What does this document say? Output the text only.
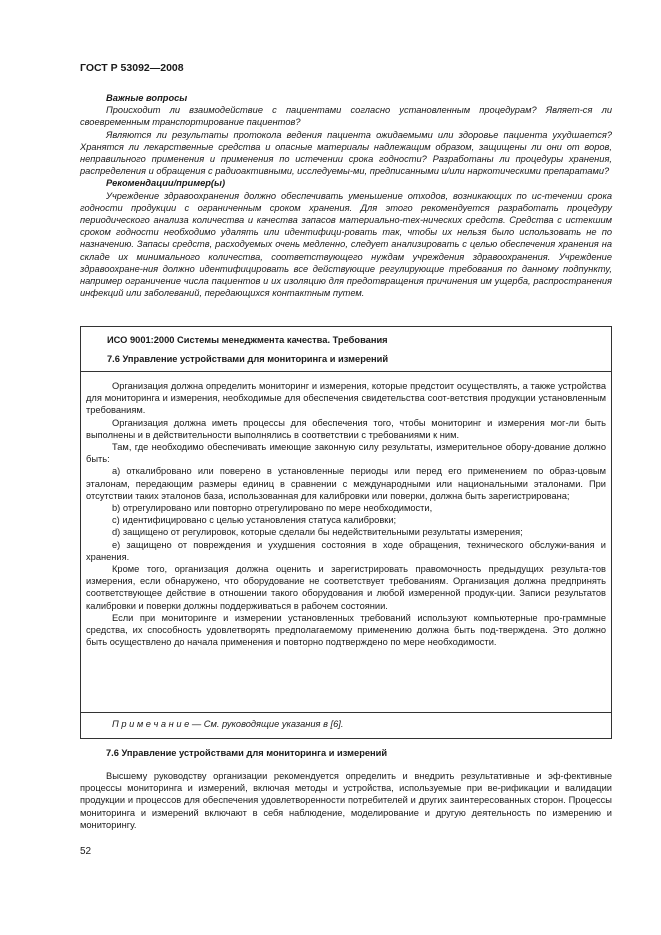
ГОСТ Р 53092—2008

Важные вопросы

Происходит ли взаимодействие с пациентами согласно установленным процедурам? Являет-ся ли своевременным транспортирование пациентов?

Являются ли результаты протокола ведения пациента ожидаемыми или здоровье пациента ухудшается? Хранятся ли лекарственные средства и опасные материалы надлежащим образом, защищены ли они от воров, неправильного применения и применения по истечении срока годности? Разработаны ли процедуры хранения, распределения и обращения с радиоактивными, исследуемы-ми, предписанными и/или наркотическими препаратами?

Рекомендации/пример(ы)

Учреждение здравоохранения должно обеспечивать уменьшение отходов, возникающих по ис-течении срока годности продукции с ограниченным сроком хранения. Для этого рекомендуется разработать процедуру периодического анализа количества и качества запасов материально-тех-нических средств. Средства с истекшим сроком годности необходимо удалять или идентифици-ровать так, чтобы их нельзя было использовать не по назначению. Запасы средств, расходуемых очень медленно, следует анализировать с целью обеспечения хранения на складе их минимального количества, соответствующего нуждам учреждения здравоохранения. Учреждение здравоохране-ния должно идентифицировать все действующие регулирующие требования по данному подпункту, например ограничение числа пациентов и их изоляцию для предотвращения причинения им ущерба, распространения инфекций или заболеваний, передающихся контактным путем.

ИСО 9001:2000 Системы менеджмента качества. Требования
7.6 Управление устройствами для мониторинга и измерений

Организация должна определить мониторинг и измерения, которые предстоит осуществлять, а также устройства для мониторинга и измерения, необходимые для обеспечения свидетельства соот-ветствия продукции установленным требованиям.

Организация должна иметь процессы для обеспечения того, чтобы мониторинг и измерения мог-ли быть выполнены и в действительности выполнялись в соответствии с требованиями к ним.

Там, где необходимо обеспечивать имеющие законную силу результаты, измерительное обору-дование должно быть:

a) откалибровано или поверено в установленные периоды или перед его применением по образ-цовым эталонам, передающим размеры единиц в сравнении с международными или национальными эталонами. При отсутствии таких эталонов база, использованная для калибровки или поверки, должна быть зарегистрирована;

b) отрегулировано или повторно отрегулировано по мере необходимости,

c) идентифицировано с целью установления статуса калибровки;

d) защищено от регулировок, которые сделали бы недействительными результаты измерения;

e) защищено от повреждения и ухудшения состояния в ходе обращения, технического обслужи-вания и хранения.

Кроме того, организация должна оценить и зарегистрировать правомочность предыдущих результа-тов измерения, если обнаружено, что оборудование не соответствует требованиям. Организация должна предпринять соответствующее действие в отношении такого оборудования и любой измеренной продук-ции. Записи результатов калибровки и поверки должны поддерживаться в рабочем состоянии.

Если при мониторинге и измерении установленных требований используют компьютерные про-граммные средства, их способность удовлетворять предполагаемому применению должна быть под-тверждена. Это должно быть осуществлено до начала применения и повторно подтверждено по мере необходимости.

П р и м е ч а н и е — См. руководящие указания в [6].

7.6 Управление устройствами для мониторинга и измерений

Высшему руководству организации рекомендуется определить и внедрить результативные и эф-фективные процессы мониторинга и измерений, включая методы и устройства, используемые при ве-рификации и валидации продукции и процессов для обеспечения удовлетворенности потребителей и других заинтересованных сторон. Процессы мониторинга и измерений включают в себя наблюдение, моделирование и другую деятельность по измерению и мониторингу.

52
